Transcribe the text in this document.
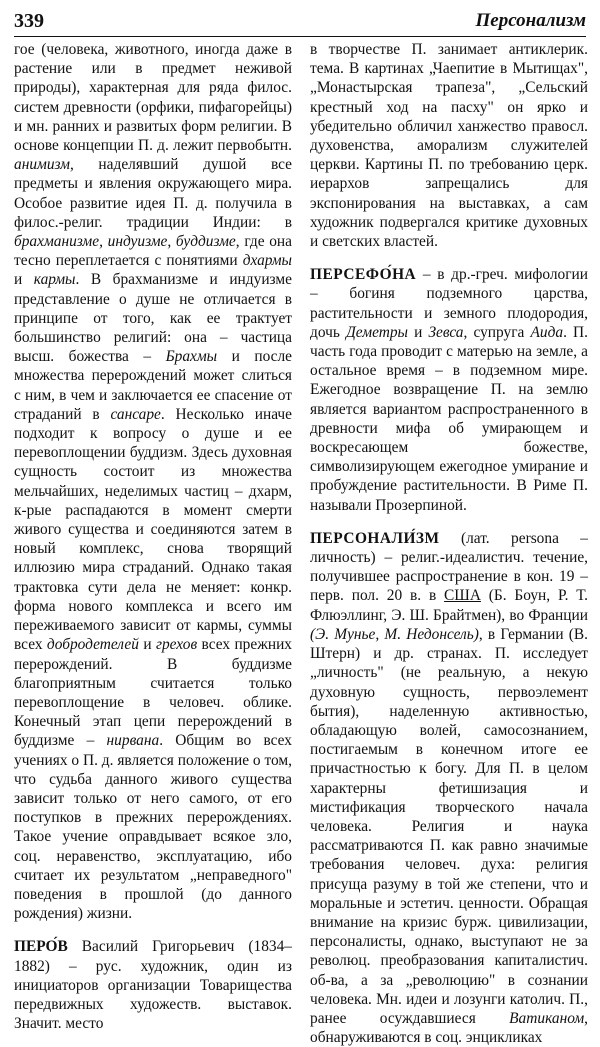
339	Персонализм

гое (человека, животного, иногда даже в растение или в предмет неживой природы), характерная для ряда филос. систем древности (орфики, пифагорейцы) и мн. ранних и развитых форм религии. В основе концепции П. д. лежит первобытн. анимизм, наделявший душой все предметы и явления окружающего мира. Особое развитие идея П. д. получила в филос.-религ. традиции Индии: в брахманизме, индуизме, буддизме, где она тесно переплетается с понятиями дхармы и кармы. В брахманизме и индуизме представление о душе не отличается в принципе от того, как ее трактует большинство религий: она – частица высш. божества – Брахмы и после множества перерождений может слиться с ним, в чем и заключается ее спасение от страданий в сансаре. Несколько иначе подходит к вопросу о душе и ее перевоплощении буддизм. Здесь духовная сущность состоит из множества мельчайших, неделимых частиц – дхарм, к-рые распадаются в момент смерти живого существа и соединяются затем в новый комплекс, снова творящий иллюзию мира страданий. Однако такая трактовка сути дела не меняет: конкр. форма нового комплекса и всего им переживаемого зависит от кармы, суммы всех добродетелей и грехов всех прежних перерождений. В буддизме благоприятным считается только перевоплощение в человеч. облике. Конечный этап цепи перерождений в буддизме – нирвана. Общим во всех учениях о П. д. является положение о том, что судьба данного живого существа зависит только от него самого, от его поступков в прежних перерождениях. Такое учение оправдывает всякое зло, соц. неравенство, эксплуатацию, ибо считает их результатом „неправедного" поведения в прошлой (до данного рождения) жизни.

ПЕРО́В Василий Григорьевич (1834–1882) – рус. художник, один из инициаторов организации Товарищества передвижных художеств. выставок. Значит. место

в творчестве П. занимает антиклерик. тема. В картинах „Чаепитие в Мытищах", „Монастырская трапеза", „Сельский крестный ход на пасху" он ярко и убедительно обличил ханжество правосл. духовенства, аморализм служителей церкви. Картины П. по требованию церк. иерархов запрещались для экспонирования на выставках, а сам художник подвергался критике духовных и светских властей.

ПЕРСЕФО́НА – в др.-греч. мифологии – богиня подземного царства, растительности и земного плодородия, дочь Деметры и Зевса, супруга Аида. П. часть года проводит с матерью на земле, а остальное время – в подземном мире. Ежегодное возвращение П. на землю является вариантом распространенного в древности мифа об умирающем и воскресающем божестве, символизирующем ежегодное умирание и пробуждение растительности. В Риме П. называли Прозерпиной.

ПЕРСОНАЛИ́ЗМ (лат. persona – личность) – религ.-идеалистич. течение, получившее распространение в кон. 19 – перв. пол. 20 в. в США (Б. Боун, Р. Т. Флюэллинг, Э. Ш. Брайтмен), во Франции (Э. Мунье, М. Недонсель), в Германии (В. Штерн) и др. странах. П. исследует „личность" (не реальную, а некую духовную сущность, первоэлемент бытия), наделенную активностью, обладающую волей, самосознанием, постигаемым в конечном итоге ее причастностью к богу. Для П. в целом характерны фетишизация и мистификация творческого начала человека. Религия и наука рассматриваются П. как равно значимые требования человеч. духа: религия присуща разуму в той же степени, что и моральные и эстетич. ценности. Обращая внимание на кризис бурж. цивилизации, персоналисты, однако, выступают не за революц. преобразования капиталистич. об-ва, а за „революцию" в сознании человека. Мн. идеи и лозунги католич. П., ранее осуждавшиеся Ватиканом, обнаруживаются в соц. энцикликах
